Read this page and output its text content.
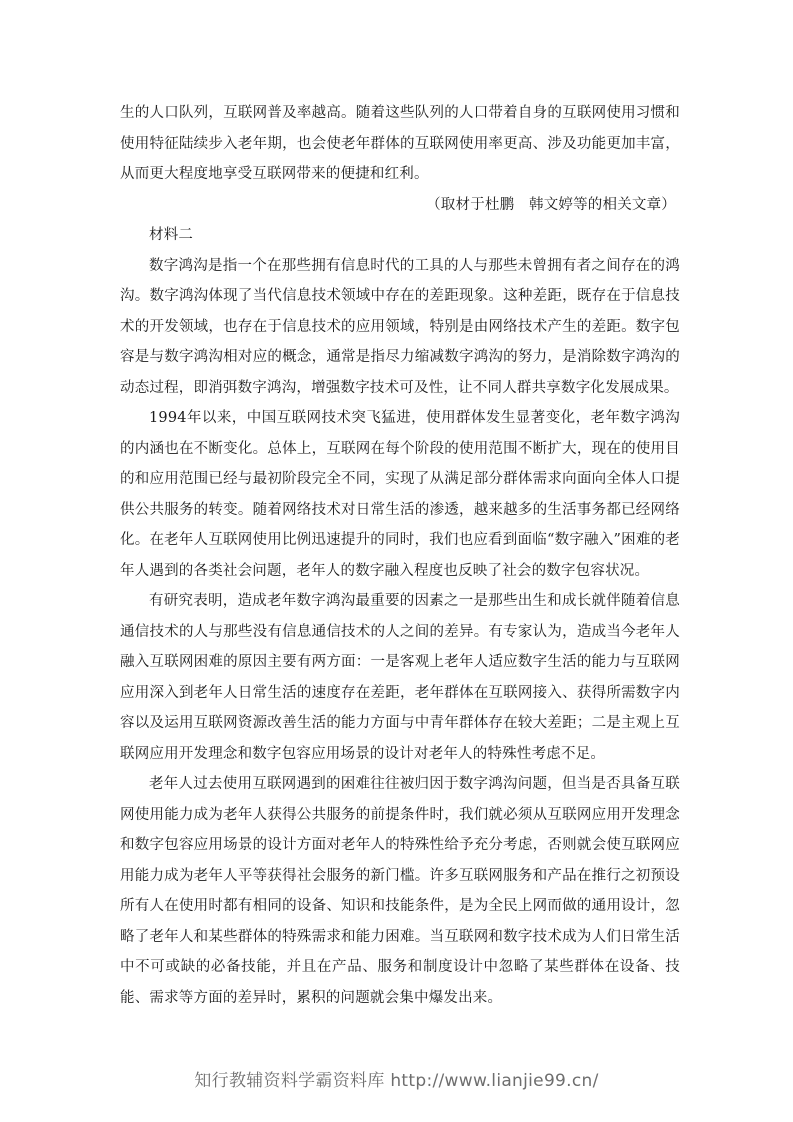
生的人口队列，互联网普及率越高。随着这些队列的人口带着自身的互联网使用习惯和使用特征陆续步入老年期，也会使老年群体的互联网使用率更高、涉及功能更加丰富，从而更大程度地享受互联网带来的便捷和红利。

（取材于杜鹏　韩文婷等的相关文章）

材料二

数字鸿沟是指一个在那些拥有信息时代的工具的人与那些未曾拥有者之间存在的鸿沟。数字鸿沟体现了当代信息技术领域中存在的差距现象。这种差距，既存在于信息技术的开发领域，也存在于信息技术的应用领域，特别是由网络技术产生的差距。数字包容是与数字鸿沟相对应的概念，通常是指尽力缩减数字鸿沟的努力，是消除数字鸿沟的动态过程，即消弭数字鸿沟，增强数字技术可及性，让不同人群共享数字化发展成果。

1994年以来，中国互联网技术突飞猛进，使用群体发生显著变化，老年数字鸿沟的内涵也在不断变化。总体上，互联网在每个阶段的使用范围不断扩大，现在的使用目的和应用范围已经与最初阶段完全不同，实现了从满足部分群体需求向面向全体人口提供公共服务的转变。随着网络技术对日常生活的渗透，越来越多的生活事务都已经网络化。在老年人互联网使用比例迅速提升的同时，我们也应看到面临“数字融入”困难的老年人遇到的各类社会问题，老年人的数字融入程度也反映了社会的数字包容状况。

有研究表明，造成老年数字鸿沟最重要的因素之一是那些出生和成长就伴随着信息通信技术的人与那些没有信息通信技术的人之间的差异。有专家认为，造成当今老年人融入互联网困难的原因主要有两方面：一是客观上老年人适应数字生活的能力与互联网应用深入到老年人日常生活的速度存在差距，老年群体在互联网接入、获得所需数字内容以及运用互联网资源改善生活的能力方面与中青年群体存在较大差距；二是主观上互联网应用开发理念和数字包容应用场景的设计对老年人的特殊性考虑不足。

老年人过去使用互联网遇到的困难往往被归因于数字鸿沟问题，但当是否具备互联网使用能力成为老年人获得公共服务的前提条件时，我们就必须从互联网应用开发理念和数字包容应用场景的设计方面对老年人的特殊性给予充分考虑，否则就会使互联网应用能力成为老年人平等获得社会服务的新门槛。许多互联网服务和产品在推行之初预设所有人在使用时都有相同的设备、知识和技能条件，是为全民上网而做的通用设计，忽略了老年人和某些群体的特殊需求和能力困难。当互联网和数字技术成为人们日常生活中不可或缺的必备技能，并且在产品、服务和制度设计中忽略了某些群体在设备、技能、需求等方面的差异时，累积的问题就会集中爆发出来。

知行教辅资料学霸资料库 http://www.lianjie99.cn/
